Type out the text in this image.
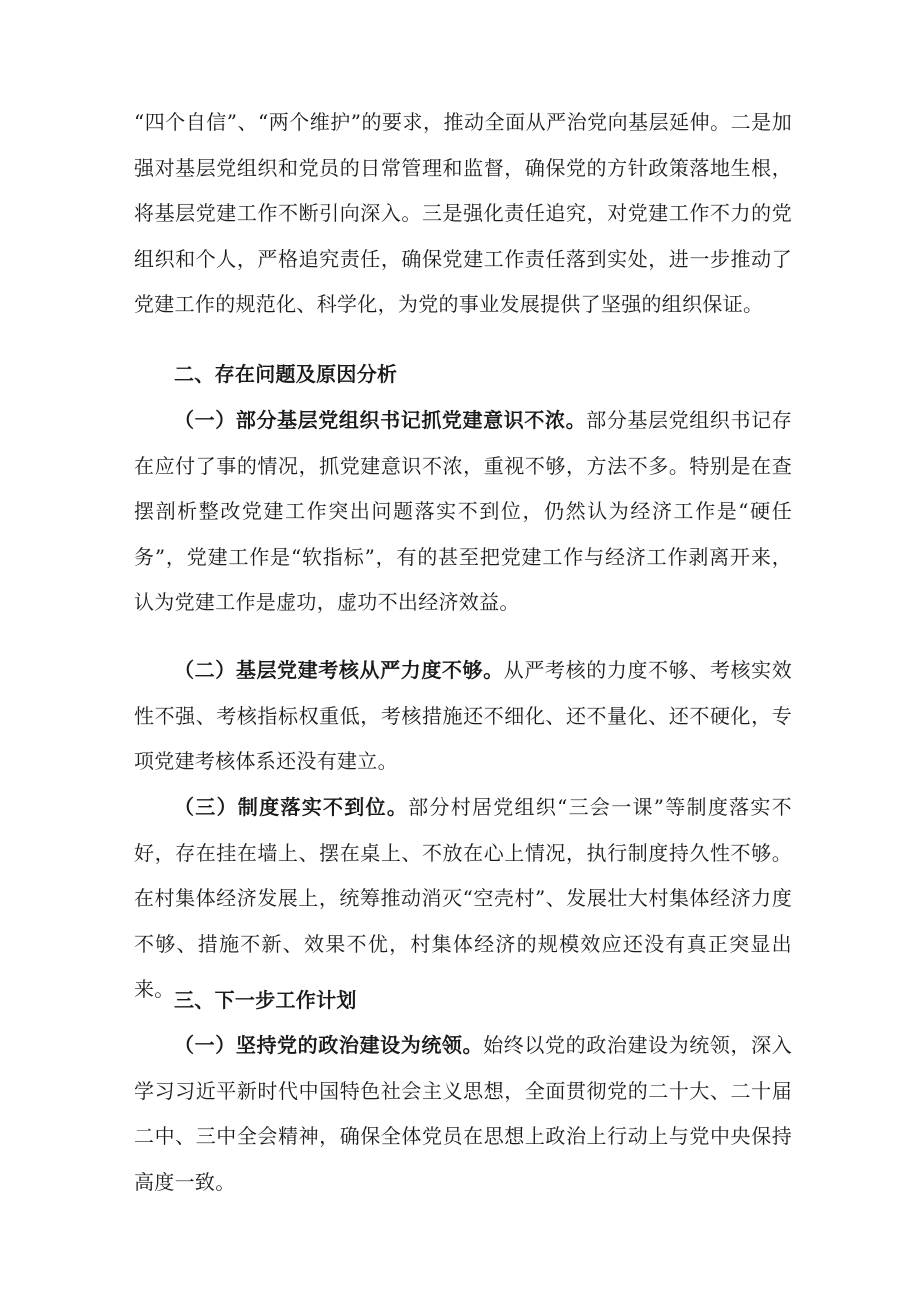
“四个自信”、“两个维护”的要求，推动全面从严治党向基层延伸。二是加强对基层党组织和党员的日常管理和监督，确保党的方针政策落地生根，将基层党建工作不断引向深入。三是强化责任追究，对党建工作不力的党组织和个人，严格追究责任，确保党建工作责任落到实处，进一步推动了党建工作的规范化、科学化，为党的事业发展提供了坚强的组织保证。

二、存在问题及原因分析

（一）部分基层党组织书记抓党建意识不浓。部分基层党组织书记存在应付了事的情况，抓党建意识不浓，重视不够，方法不多。特别是在查摆剖析整改党建工作突出问题落实不到位，仍然认为经济工作是“硬任务”，党建工作是“软指标”，有的甚至把党建工作与经济工作剥离开来，认为党建工作是虚功，虚功不出经济效益。

（二）基层党建考核从严力度不够。从严考核的力度不够、考核实效性不强、考核指标权重低，考核措施还不细化、还不量化、还不硬化，专项党建考核体系还没有建立。

（三）制度落实不到位。部分村居党组织“三会一课”等制度落实不好，存在挂在墙上、摆在桌上、不放在心上情况，执行制度持久性不够。在村集体经济发展上，统筹推动消灭“空壳村”、发展壮大村集体经济力度不够、措施不新、效果不优，村集体经济的规模效应还没有真正突显出来。 三、下一步工作计划

（一）坚持党的政治建设为统领。始终以党的政治建设为统领，深入学习习近平新时代中国特色社会主义思想，全面贯彻党的二十大、二十届二中、三中全会精神，确保全体党员在思想上政治上行动上与党中央保持高度一致。
